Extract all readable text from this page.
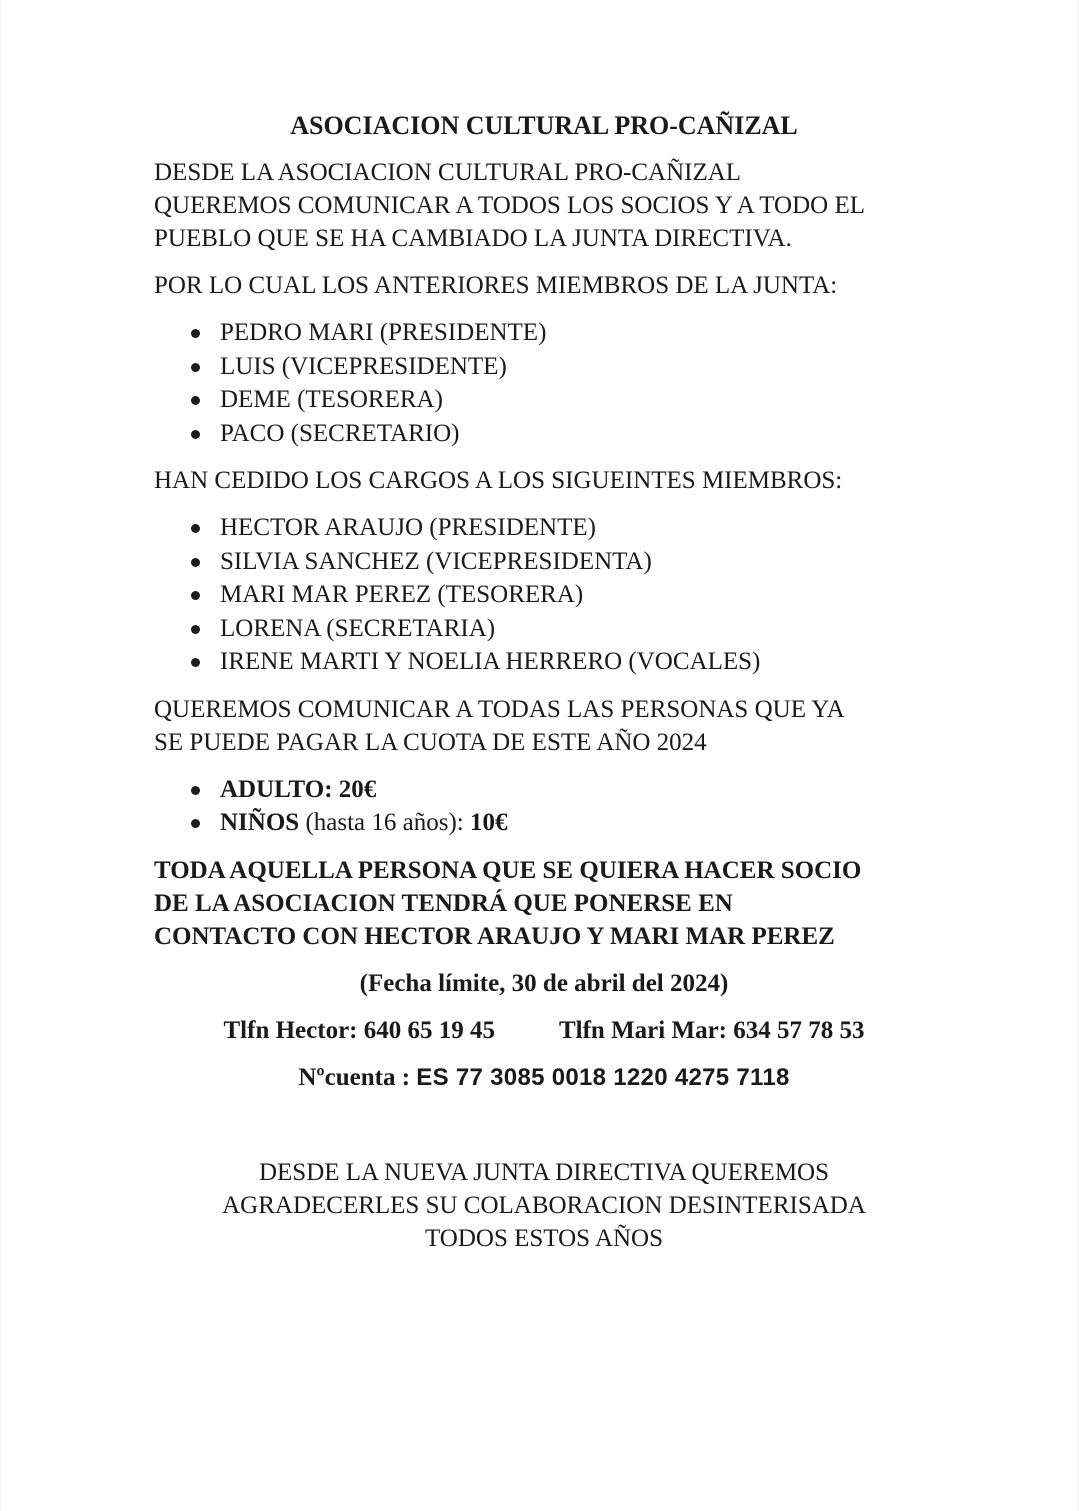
ASOCIACION CULTURAL PRO-CAÑIZAL
DESDE LA ASOCIACION CULTURAL PRO-CAÑIZAL
QUEREMOS COMUNICAR A TODOS LOS SOCIOS Y A TODO EL
PUEBLO QUE SE HA CAMBIADO LA JUNTA DIRECTIVA.
POR LO CUAL LOS ANTERIORES MIEMBROS DE LA JUNTA:
PEDRO MARI (PRESIDENTE)
LUIS (VICEPRESIDENTE)
DEME (TESORERA)
PACO (SECRETARIO)
HAN CEDIDO LOS CARGOS A LOS SIGUEINTES MIEMBROS:
HECTOR ARAUJO (PRESIDENTE)
SILVIA SANCHEZ (VICEPRESIDENTA)
MARI MAR PEREZ (TESORERA)
LORENA (SECRETARIA)
IRENE MARTI Y NOELIA HERRERO (VOCALES)
QUEREMOS COMUNICAR A TODAS LAS PERSONAS QUE YA
SE PUEDE PAGAR LA CUOTA DE ESTE AÑO 2024
ADULTO: 20€
NIÑOS (hasta 16 años): 10€
TODA AQUELLA PERSONA QUE SE QUIERA HACER SOCIO
DE LA ASOCIACION TENDRÁ QUE PONERSE EN
CONTACTO CON HECTOR ARAUJO Y MARI MAR PEREZ
(Fecha límite, 30 de abril del 2024)
Tlfn Hector: 640 65 19 45	Tlfn Mari Mar: 634 57 78 53
Nºcuenta : ES 77 3085 0018 1220 4275 7118
DESDE LA NUEVA JUNTA DIRECTIVA QUEREMOS
AGRADECERLES SU COLABORACION DESINTERISADA
TODOS ESTOS AÑOS
